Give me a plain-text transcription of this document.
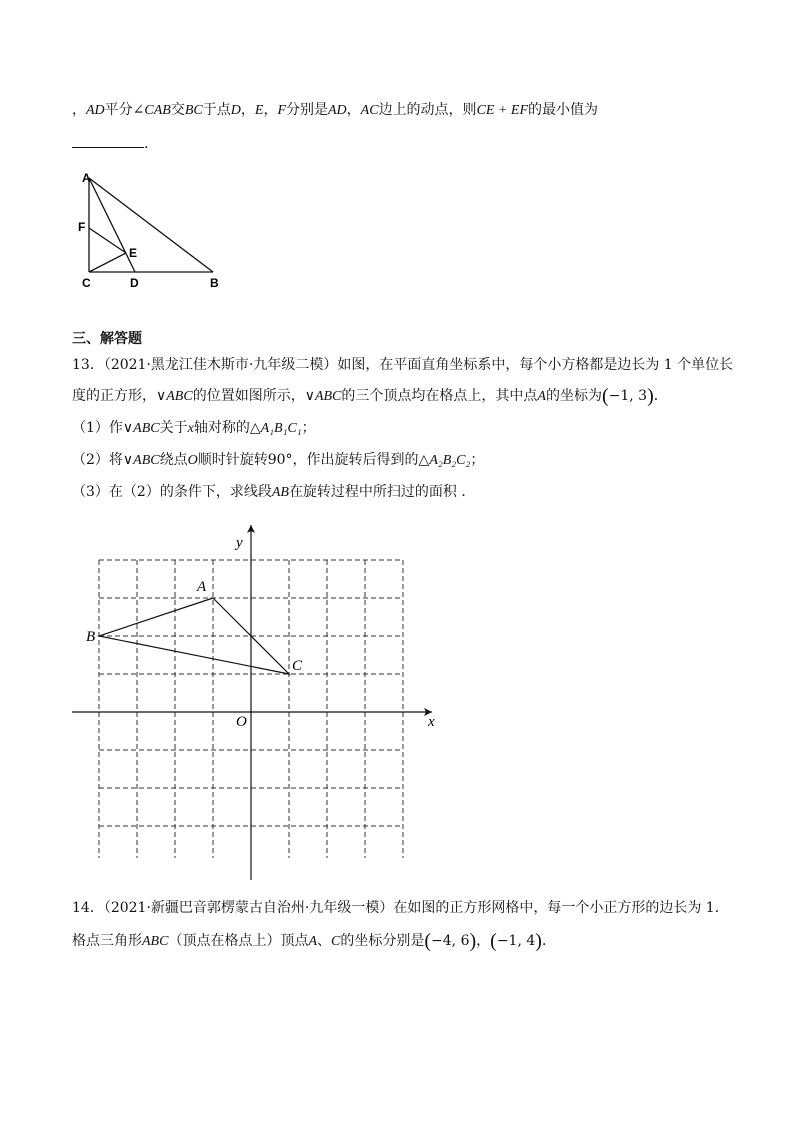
，AD平分∠CAB交BC于点D，E，F分别是AD，AC边上的动点，则CE + EF的最小值为
.
A
F
E
C	D	B
三、解答题
13．（2021·黑龙江佳木斯市·九年级二模）如图，在平面直角坐标系中，每个小方格都是边长为 1 个单位长
度的正方形，∨ABC的位置如图所示，∨ABC的三个顶点均在格点上，其中点A的坐标为(−1, 3)．
（1）作∨ABC关于x轴对称的△A₁B₁C₁；
（2）将∨ABC绕点O顺时针旋转90°，作出旋转后得到的△A₂B₂C₂；
（3）在（2）的条件下，求线段AB在旋转过程中所扫过的面积 ．
y
x
O
A
B
C
14．（2021·新疆巴音郭楞蒙古自治州·九年级一模）在如图的正方形网格中，每一个小正方形的边长为 1．
格点三角形ABC（顶点在格点上）顶点A、C的坐标分别是(−4, 6)，(−1, 4)．
